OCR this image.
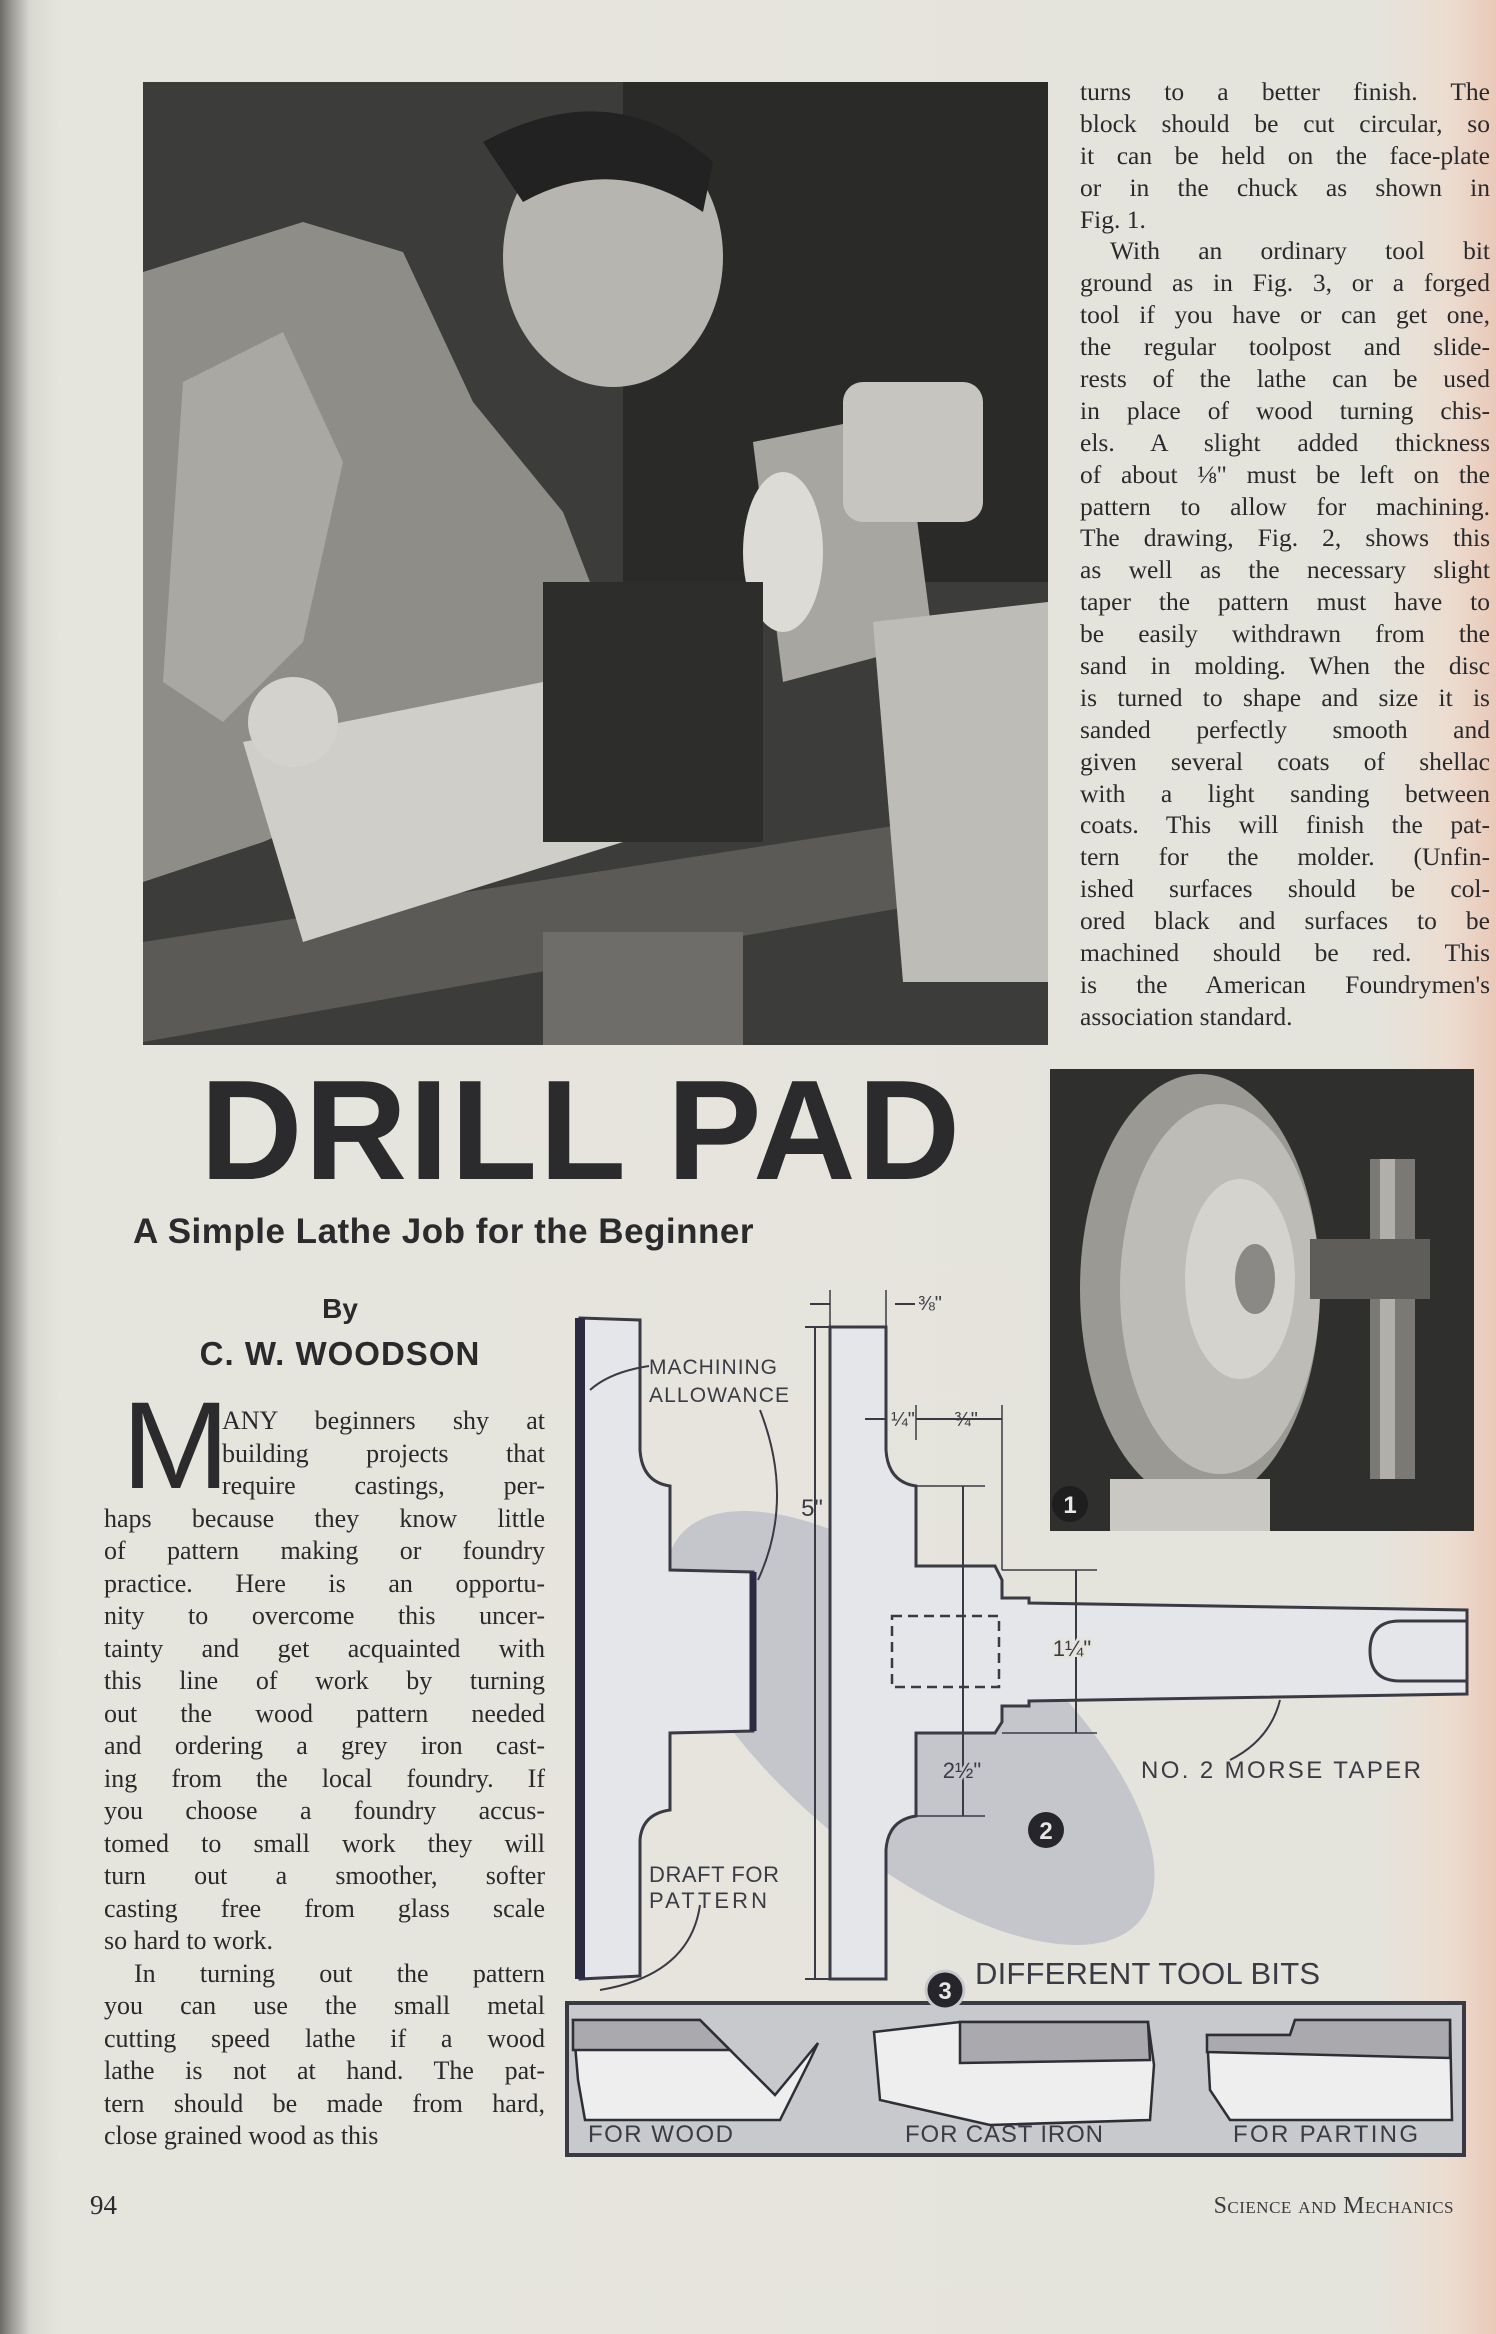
1
DRILL PAD
A Simple Lathe Job for the Beginner
By
C. W. WOODSON
M
ANY beginners shy at
building projects that
require castings, per-
haps because they know little
of pattern making or foundry
practice. Here is an opportu-
nity to overcome this uncer-
tainty and get acquainted with
this line of work by turning
out the wood pattern needed
and ordering a grey iron cast-
ing from the local foundry. If
you choose a foundry accus-
tomed to small work they will
turn out a smoother, softer
casting free from glass scale
so hard to work.
In turning out the pattern
you can use the small metal
cutting speed lathe if a wood
lathe is not at hand. The pat-
tern should be made from hard,
close grained wood as this
turns to a better finish. The
block should be cut circular, so
it can be held on the face-plate
or in the chuck as shown in
Fig. 1.
With an ordinary tool bit
ground as in Fig. 3, or a forged
tool if you have or can get one,
the regular toolpost and slide-
rests of the lathe can be used
in place of wood turning chis-
els. A slight added thickness
of about ⅛" must be left on the
pattern to allow for machining.
The drawing, Fig. 2, shows this
as well as the necessary slight
taper the pattern must have to
be easily withdrawn from the
sand in molding. When the disc
is turned to shape and size it is
sanded perfectly smooth and
given several coats of shellac
with a light sanding between
coats. This will finish the pat-
tern for the molder. (Unfin-
ished surfaces should be col-
ored black and surfaces to be
machined should be red. This
is the American Foundrymen's
association standard.
MACHINING
ALLOWANCE
DRAFT FOR
PATTERN
NO. 2 MORSE TAPER
5"
⅜"
¼" ¾"
1¼"
2½"
2
3
DIFFERENT TOOL BITS
FOR WOOD	FOR CAST IRON	FOR PARTING
94	Science and Mechanics
